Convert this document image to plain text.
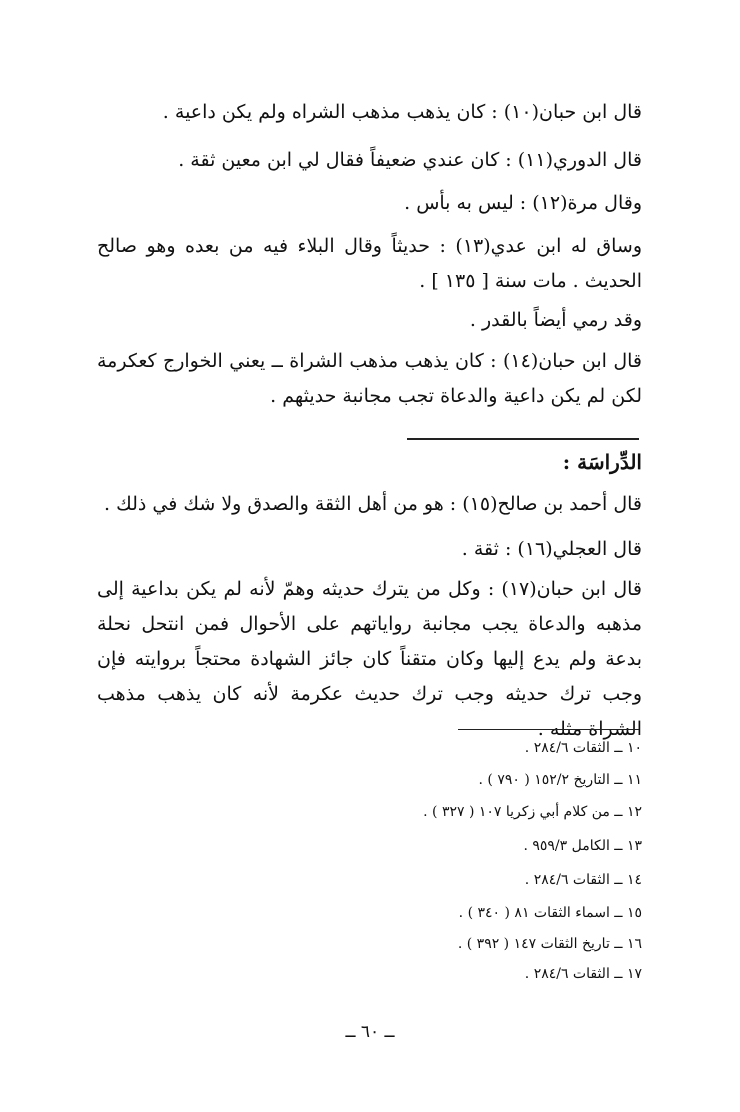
قال ابن حبان(١٠) : كان يذهب مذهب الشراه ولم يكن داعية .
قال الدوري(١١) : كان عندي ضعيفاً فقال لي ابن معين ثقة .
وقال مرة(١٢) : ليس به بأس .
وساق له ابن عدي(١٣) : حديثاً وقال البلاء فيه من بعده وهو صالح الحديث . مات سنة [ ١٣٥ ] .
وقد رمي أيضاً بالقدر .
قال ابن حبان(١٤) : كان يذهب مذهب الشراة ــ يعني الخوارج كعكرمة لكن لم يكن داعية والدعاة تجب مجانبة حديثهم .
الدِّراسَة :
قال أحمد بن صالح(١٥) : هو من أهل الثقة والصدق ولا شك في ذلك .
قال العجلي(١٦) : ثقة .
قال ابن حبان(١٧) : وكل من يترك حديثه وهمّ لأنه لم يكن بداعية إلى مذهبه والدعاة يجب مجانبة رواياتهم على الأحوال فمن انتحل نحلة بدعة ولم يدع إليها وكان متقناً كان جائز الشهادة محتجاً بروايته فإن وجب ترك حديثه وجب ترك حديث عكرمة لأنه كان يذهب مذهب الشراة مثله .
١٠ ــ الثقات ٢٨٤/٦ .
١١ ــ التاريخ ١٥٢/٢ ( ٧٩٠ ) .
١٢ ــ من كلام أبي زكريا ١٠٧ ( ٣٢٧ ) .
١٣ ــ الكامل ٩٥٩/٣ .
١٤ ــ الثقات ٢٨٤/٦ .
١٥ ــ اسماء الثقات ٨١ ( ٣٤٠ ) .
١٦ ــ تاريخ الثقات ١٤٧ ( ٣٩٢ ) .
١٧ ــ الثقات ٢٨٤/٦ .
ــ ٦٠ ــ
